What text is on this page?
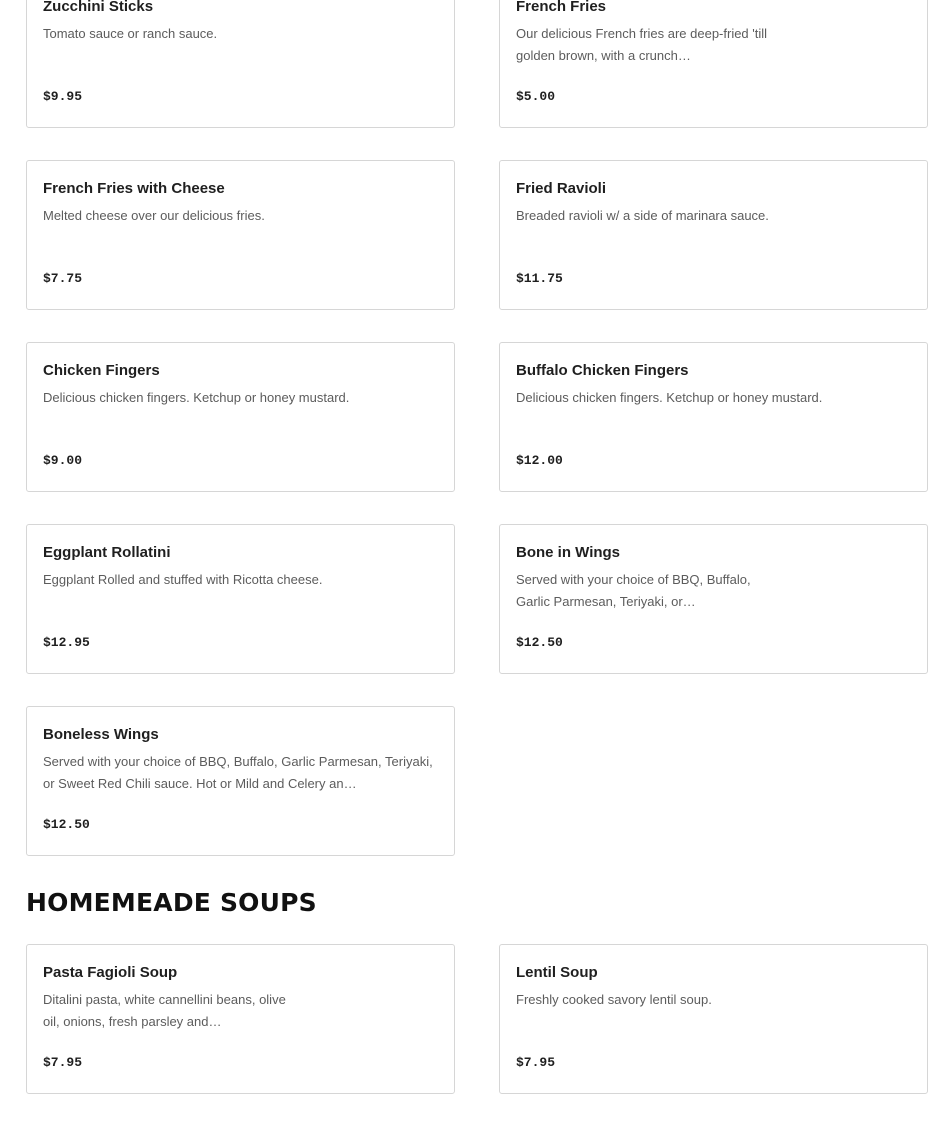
Zucchini Sticks
Tomato sauce or ranch sauce.
$9.95
French Fries
Our delicious French fries are deep-fried 'till golden brown, with a crunch…
$5.00
French Fries with Cheese
Melted cheese over our delicious fries.
$7.75
Fried Ravioli
Breaded ravioli w/ a side of marinara sauce.
$11.75
Chicken Fingers
Delicious chicken fingers. Ketchup or honey mustard.
$9.00
Buffalo Chicken Fingers
Delicious chicken fingers. Ketchup or honey mustard.
$12.00
Eggplant Rollatini
Eggplant Rolled and stuffed with Ricotta cheese.
$12.95
Bone in Wings
Served with your choice of BBQ, Buffalo, Garlic Parmesan, Teriyaki, or…
$12.50
Boneless Wings
Served with your choice of BBQ, Buffalo, Garlic Parmesan, Teriyaki, or Sweet Red Chili sauce. Hot or Mild and Celery an…
$12.50
HOMEMEADE SOUPS
Pasta Fagioli Soup
Ditalini pasta, white cannellini beans, olive oil, onions, fresh parsley and…
$7.95
Lentil Soup
Freshly cooked savory lentil soup.
$7.95
